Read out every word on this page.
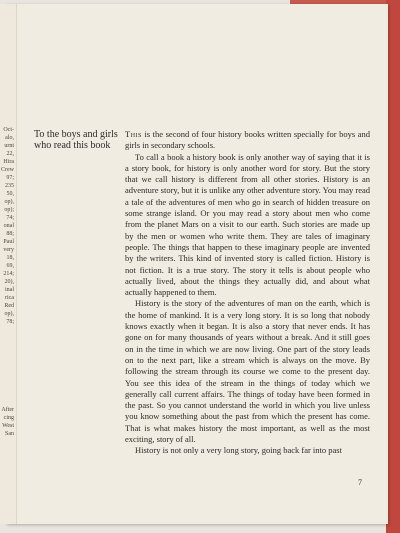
Oct-
alo,
urnt
22,
Hira
Crew
97;
235
50,
op),
op);
74;
onal
88;
Paul
very
18,
69,
214;
20),
inal
rica
Red
op),
78;
After
cing
West
San
To the boys and girls who read this book

This is the second of four history books written specially for boys and girls in secondary schools.

To call a book a history book is only another way of saying that it is a story book, for history is only another word for story. But the story that we call history is different from all other stories. History is an adventure story, but it is unlike any other adventure story. You may read a tale of the adventures of men who go in search of hidden treasure on some strange island. Or you may read a story about men who come from the planet Mars on a visit to our earth. Such stories are made up by the men or women who write them. They are tales of imaginary people. The things that happen to these imaginary people are invented by the writers. This kind of invented story is called fiction. History is not fiction. It is a true story. The story it tells is about people who actually lived, about the things they actually did, and about what actually happened to them.

History is the story of the adventures of man on the earth, which is the home of mankind. It is a very long story. It is so long that nobody knows exactly when it began. It is also a story that never ends. It has gone on for many thousands of years without a break. And it still goes on in the time in which we are now living. One part of the story leads on to the next part, like a stream which is always on the move. By following the stream through its course we come to the present day. You see this idea of the stream in the things of today which we generally call current affairs. The things of today have been formed in the past. So you cannot understand the world in which you live unless you know something about the past from which the present has come. That is what makes history the most important, as well as the most exciting, story of all.

History is not only a very long story, going back far into past

7
